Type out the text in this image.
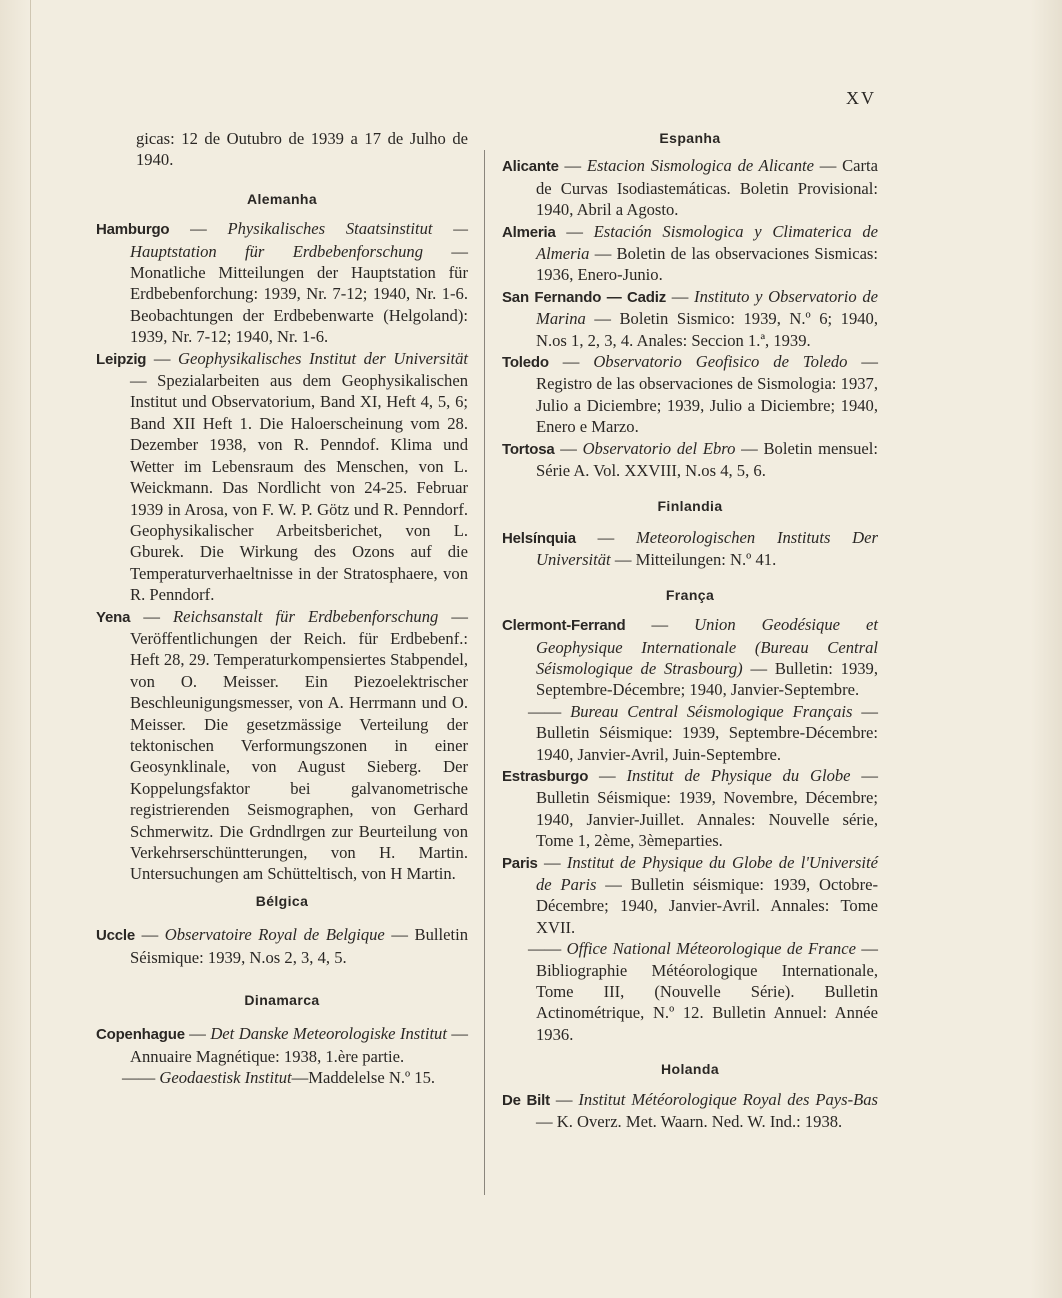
XV

gicas: 12 de Outubro de 1939 a 17 de Julho de 1940.

Alemanha

Hamburgo — Physikalisches Staatsinstitut — Hauptstation für Erdbebenforschung — Monatliche Mitteilungen der Hauptstation für Erdbebenforchung: 1939, Nr. 7-12; 1940, Nr. 1-6. Beobachtungen der Erdbebenwarte (Helgoland): 1939, Nr. 7-12; 1940, Nr. 1-6.

Leipzig — Geophysikalisches Institut der Universität — Spezialarbeiten aus dem Geophysikalischen Institut und Observatorium, Band XI, Heft 4, 5, 6; Band XII Heft 1. Die Haloerscheinung vom 28. Dezember 1938, von R. Penndof. Klima und Wetter im Lebensraum des Menschen, von L. Weickmann. Das Nordlicht von 24-25. Februar 1939 in Arosa, von F. W. P. Götz und R. Penndorf. Geophysikalischer Arbeitsberichet, von L. Gburek. Die Wirkung des Ozons auf die Temperaturverhaeltnisse in der Stratosphaere, von R. Penndorf.

Yena — Reichsanstalt für Erdbebenforschung — Veröffentlichungen der Reich. für Erdbebenf.: Heft 28, 29. Temperaturkompensiertes Stabpendel, von O. Meisser. Ein Piezoelektrischer Beschleunigungsmesser, von A. Herrmann und O. Meisser. Die gesetzmässige Verteilung der tektonischen Verformungszonen in einer Geosynklinale, von August Sieberg. Der Koppelungsfaktor bei galvanometrische registrierenden Seismographen, von Gerhard Schmerwitz. Die Grdndlrgen zur Beurteilung von Verkehrserschüntterungen, von H. Martin. Untersuchungen am Schütteltisch, von H Martin.

Bélgica

Uccle — Observatoire Royal de Belgique — Bulletin Séismique: 1939, N.os 2, 3, 4, 5.

Dinamarca

Copenhague — Det Danske Meteorologiske Institut — Annuaire Magnétique: 1938, 1.ère partie.

—— Geodaestisk Institut—Maddelelse N.º 15.

Espanha

Alicante — Estacion Sismologica de Alicante — Carta de Curvas Isodiastemáticas. Boletin Provisional: 1940, Abril a Agosto.

Almeria — Estación Sismologica y Climaterica de Almeria — Boletin de las observaciones Sismicas: 1936, Enero-Junio.

San Fernando — Cadiz — Instituto y Observatorio de Marina — Boletin Sismico: 1939, N.º 6; 1940, N.os 1, 2, 3, 4. Anales: Seccion 1.ª, 1939.

Toledo — Observatorio Geofisico de Toledo — Registro de las observaciones de Sismologia: 1937, Julio a Diciembre; 1939, Julio a Diciembre; 1940, Enero e Marzo.

Tortosa — Observatorio del Ebro — Boletin mensuel: Série A. Vol. XXVIII, N.os 4, 5, 6.

Finlandia

Helsínquia — Meteorologischen Instituts Der Universität — Mitteilungen: N.º 41.

França

Clermont-Ferrand — Union Geodésique et Geophysique Internationale (Bureau Central Séismologique de Strasbourg) — Bulletin: 1939, Septembre-Décembre; 1940, Janvier-Septembre.

—— Bureau Central Séismologique Français — Bulletin Séismique: 1939, Septembre-Décembre: 1940, Janvier-Avril, Juin-Septembre.

Estrasburgo — Institut de Physique du Globe — Bulletin Séismique: 1939, Novembre, Décembre; 1940, Janvier-Juillet. Annales: Nouvelle série, Tome 1, 2ème, 3èmeparties.

Paris — Institut de Physique du Globe de l'Université de Paris — Bulletin séismique: 1939, Octobre-Décembre; 1940, Janvier-Avril. Annales: Tome XVII.

—— Office National Méteorologique de France — Bibliographie Météorologique Internationale, Tome III, (Nouvelle Série). Bulletin Actinométrique, N.º 12. Bulletin Annuel: Année 1936.

Holanda

De Bilt — Institut Météorologique Royal des Pays-Bas — K. Overz. Met. Waarn. Ned. W. Ind.: 1938.
